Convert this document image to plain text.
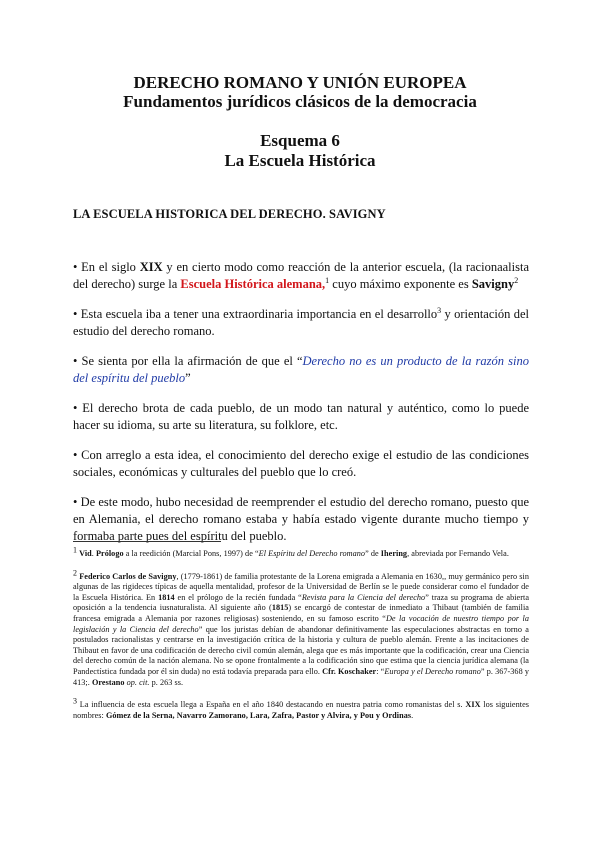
DERECHO ROMANO Y UNIÓN EUROPEA

Fundamentos jurídicos clásicos de la democracia

Esquema 6

La Escuela Histórica

LA ESCUELA HISTORICA DEL DERECHO. SAVIGNY

• En el siglo XIX y en cierto modo como reacción de la anterior escuela, (la racionaalista del derecho) surge la Escuela Histórica alemana,$^1$ cuyo máximo exponente es Savigny$^2$

• Esta escuela iba a tener una extraordinaria importancia en el desarrollo$^3$ y orientación del estudio del derecho romano.

• Se sienta por ella la afirmación de que el “Derecho no es un producto de la razón sino del espíritu del pueblo”

• El derecho brota de cada pueblo, de un modo tan natural y auténtico, como lo puede hacer su idioma, su arte su literatura, su folklore, etc.

• Con arreglo a esta idea, el conocimiento del derecho exige el estudio de las condiciones sociales, económicas y culturales del pueblo que lo creó.

• De este modo, hubo necesidad de reemprender el estudio del derecho romano, puesto que en Alemania, el derecho romano estaba y había estado vigente durante mucho tiempo y formaba parte pues del espíritu del pueblo.

$^1$ Vid. Prólogo a la reedición (Marcial Pons, 1997) de “El Espíritu del Derecho romano” de Ihering, abreviada por Fernando Vela.

$^2$ Federico Carlos de Savigny, (1779-1861) de familia protestante de la Lorena emigrada a Alemania en 1630,, muy germánico pero sin algunas de las rigideces típicas de aquella mentalidad, profesor de la Universidad de Berlín se le puede considerar como el fundador de la Escuela Histórica. En 1814 en el prólogo de la recién fundada “Revista para la Ciencia del derecho” traza su programa de abierta oposición a la tendencia iusnaturalista. Al siguiente año (1815) se encargó de contestar de inmediato a Thibaut (también de familia francesa emigrada a Alemania por razones religiosas) sosteniendo, en su famoso escrito “De la vocación de nuestro tiempo por la legislación y la Ciencia del derecho” que los juristas debían de abandonar definitivamente las especulaciones abstractas en torno a postulados racionalistas y centrarse en la investigación crítica de la historia y cultura de pueblo alemán. Frente a las incitaciones de Thibaut en favor de una codificación de derecho civil común alemán, alega que es más importante que la codificación, crear una Ciencia del derecho común de la nación alemana. No se opone frontalmente a la codificación sino que estima que la ciencia jurídica alemana (la Pandectística fundada por él sin duda) no está todavía preparada para ello. Cfr. Koschaker: “Europa y el Derecho romano” p. 367-368 y 413;. Orestano op. cit. p. 263 ss.

$^3$ La influencia de esta escuela llega a España en el año 1840 destacando en nuestra patria como romanistas del s. XIX los siguientes nombres: Gómez de la Serna, Navarro Zamorano, Lara, Zafra, Pastor y Alvira, y Pou y Ordinas.
